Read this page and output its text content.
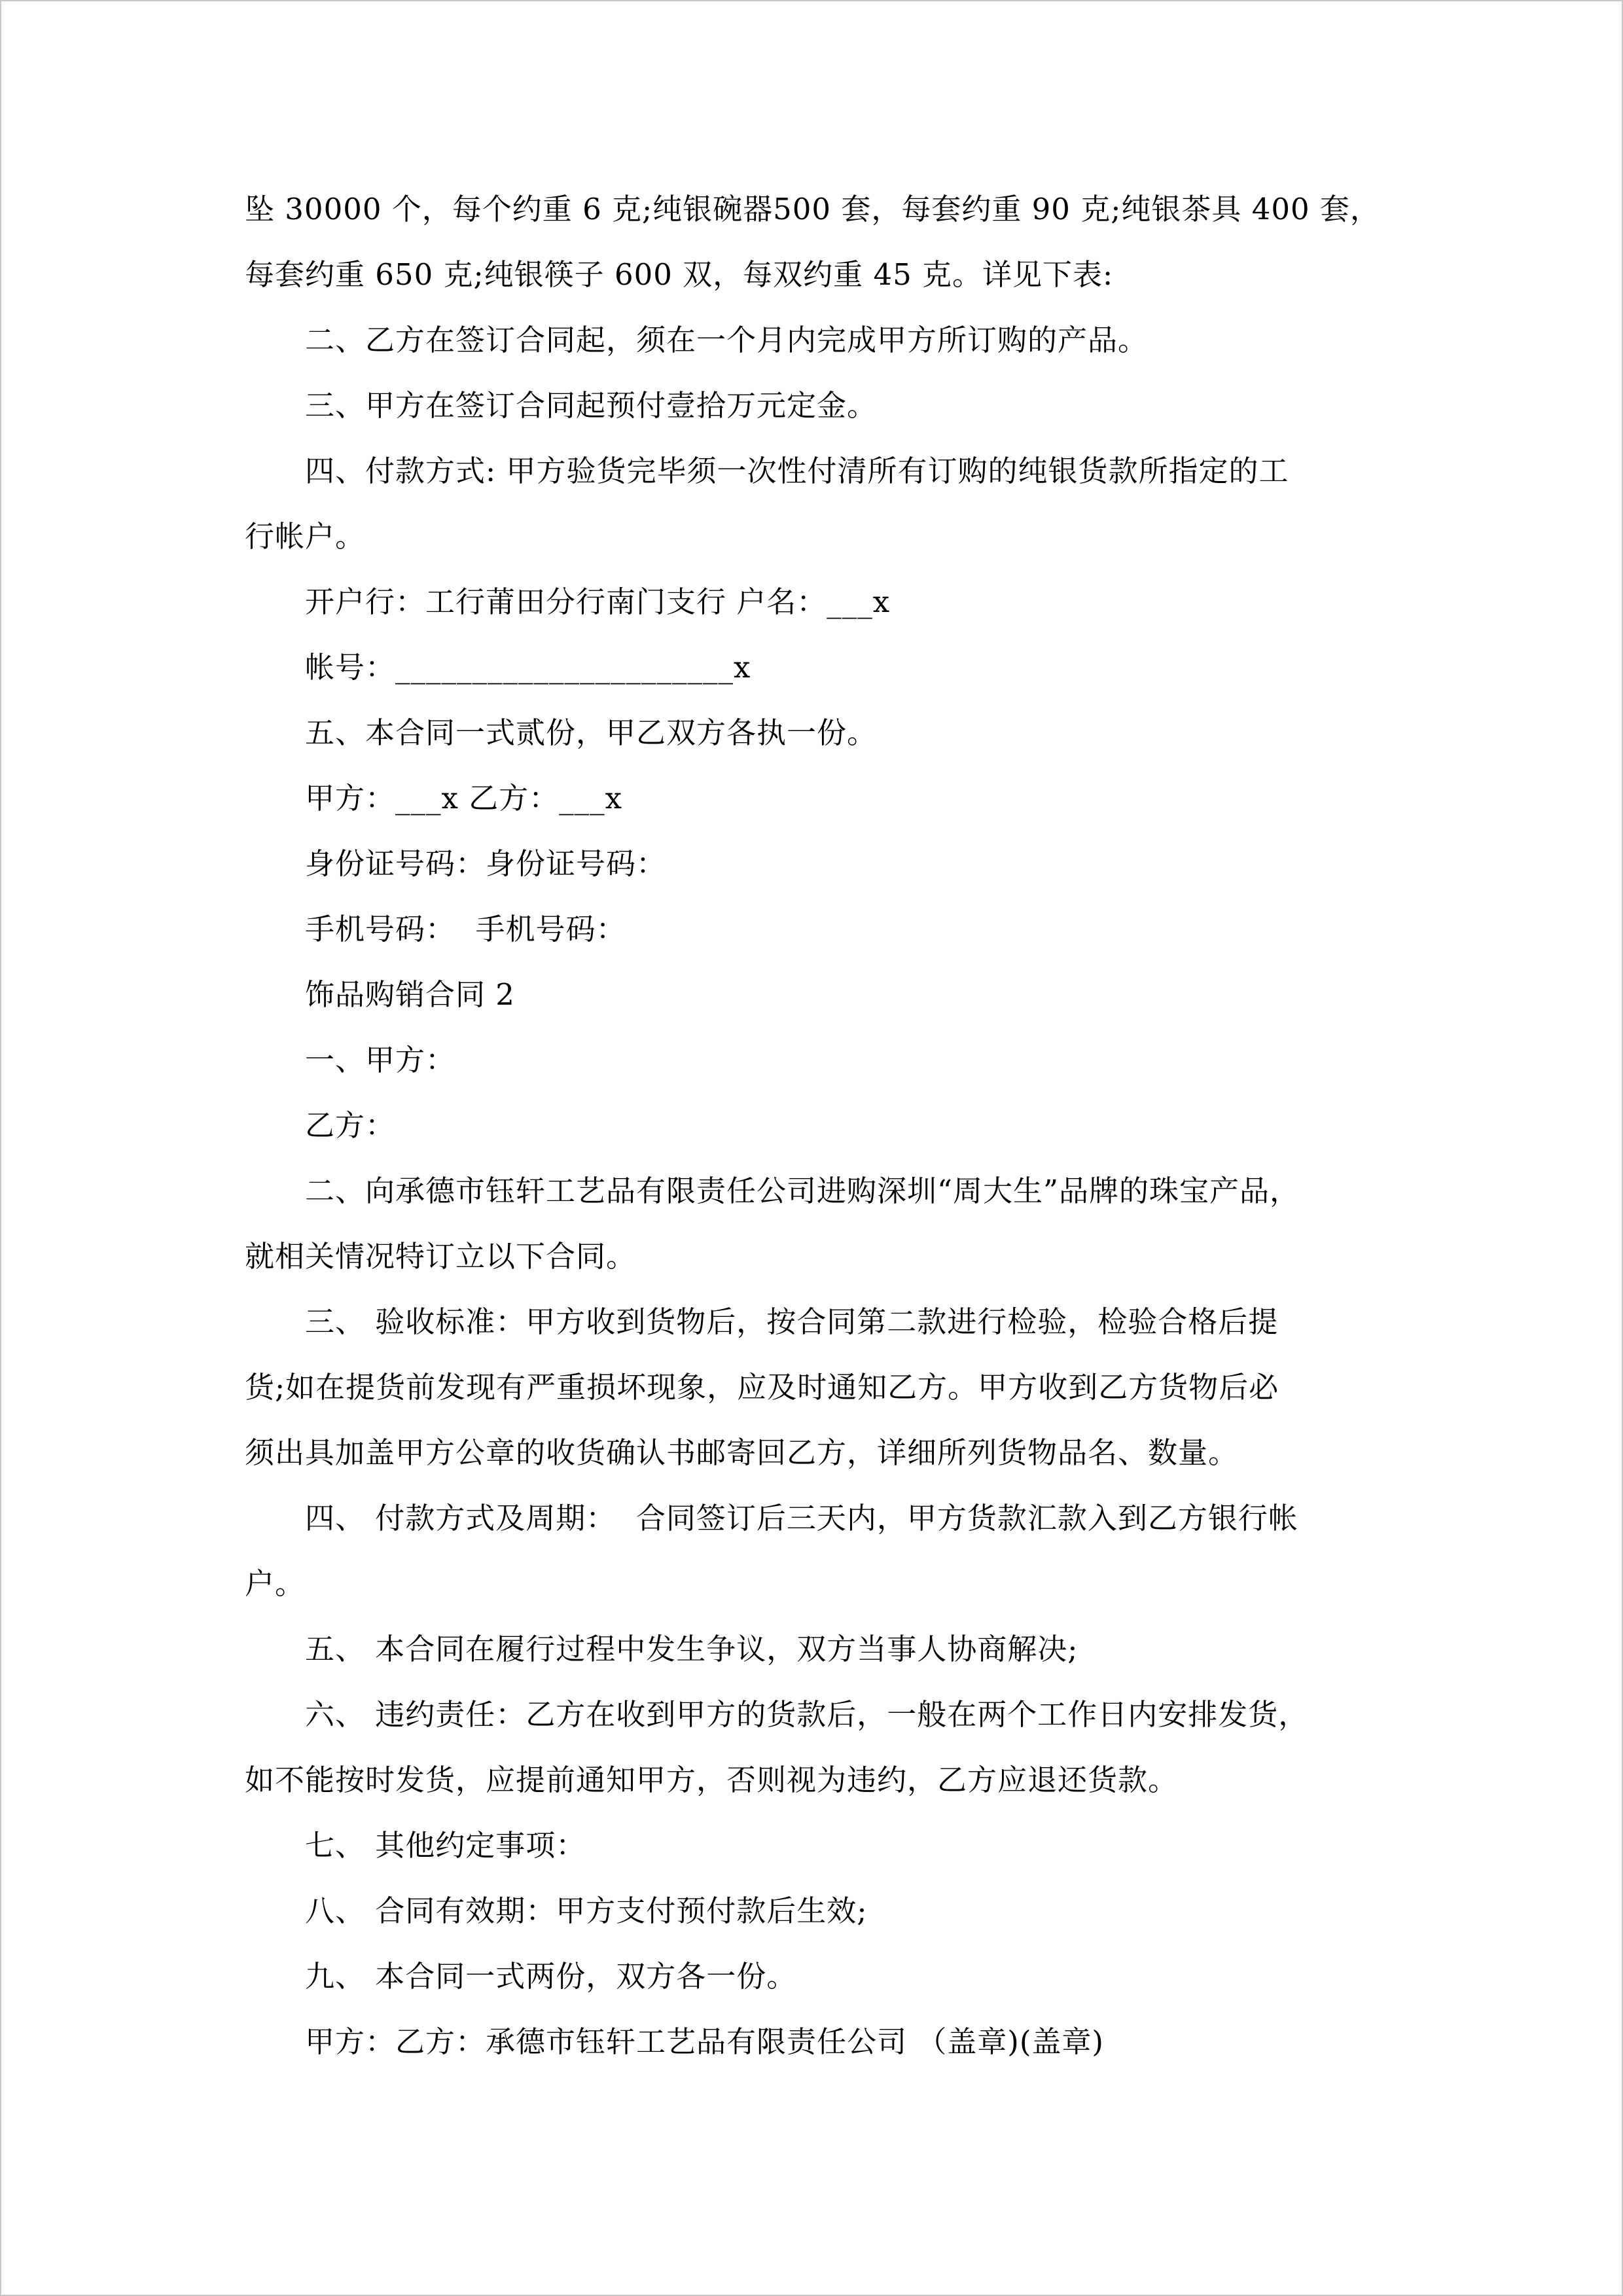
坠 30000 个，每个约重 6 克;纯银碗器500 套，每套约重 90 克;纯银茶具 400 套，
每套约重 650 克;纯银筷子 600 双，每双约重 45 克。详见下表:
二、乙方在签订合同起，须在一个月内完成甲方所订购的产品。
三、甲方在签订合同起预付壹拾万元定金。
四、付款方式: 甲方验货完毕须一次性付清所有订购的纯银货款所指定的工
行帐户。
开户行：工行莆田分行南门支行 户名：___x
帐号：______________________x
五、本合同一式贰份，甲乙双方各执一份。
甲方：___x 乙方：___x
身份证号码：身份证号码：
手机号码：  手机号码：
饰品购销合同 2
一、甲方：
乙方：
二、向承德市钰轩工艺品有限责任公司进购深圳“周大生”品牌的珠宝产品，
就相关情况特订立以下合同。
三、 验收标准：甲方收到货物后，按合同第二款进行检验，检验合格后提
货;如在提货前发现有严重损坏现象，应及时通知乙方。甲方收到乙方货物后必
须出具加盖甲方公章的收货确认书邮寄回乙方，详细所列货物品名、数量。
四、 付款方式及周期：  合同签订后三天内，甲方货款汇款入到乙方银行帐
户。
五、 本合同在履行过程中发生争议，双方当事人协商解决;
六、 违约责任：乙方在收到甲方的货款后，一般在两个工作日内安排发货，
如不能按时发货，应提前通知甲方，否则视为违约，乙方应退还货款。
七、 其他约定事项：
八、 合同有效期：甲方支付预付款后生效;
九、 本合同一式两份，双方各一份。
甲方：乙方：承德市钰轩工艺品有限责任公司 （盖章)(盖章)
